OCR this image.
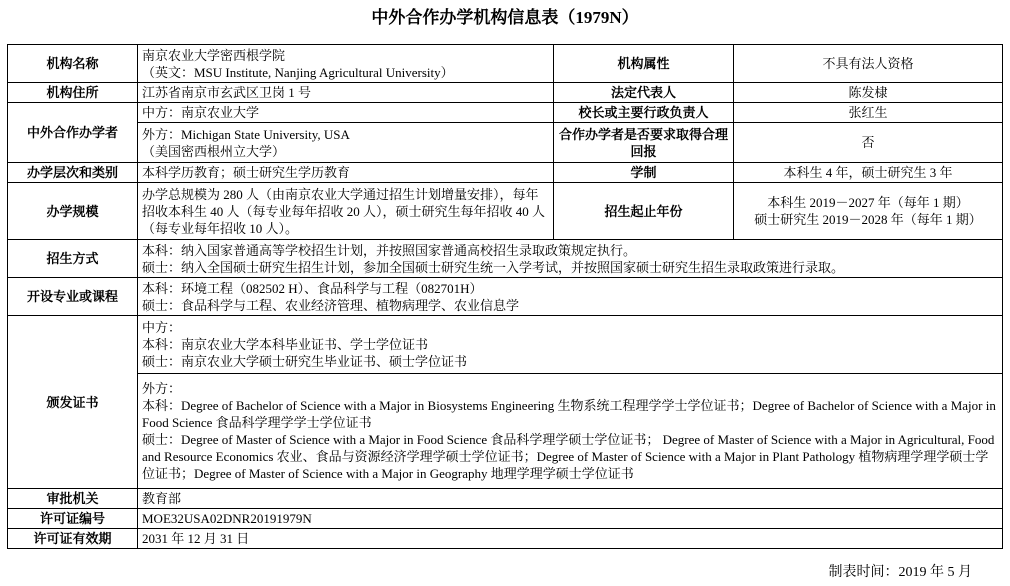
中外合作办学机构信息表（1979N）
机构名称	南京农业大学密西根学院
（英文：MSU Institute, Nanjing Agricultural University）	机构属性	不具有法人资格
机构住所	江苏省南京市玄武区卫岗 1 号	法定代表人	陈发棣
中外合作办学者	中方：南京农业大学	校长或主要行政负责人	张红生

	外方：Michigan State University, USA
（美国密西根州立大学）	合作办学者是否要求取得合理回报	否
办学层次和类别	本科学历教育；硕士研究生学历教育	学制	本科生 4 年，硕士研究生 3 年
办学规模	办学总规模为 280 人（由南京农业大学通过招生计划增量安排），每年招收本科生 40 人（每专业每年招收 20 人），硕士研究生每年招收 40 人（每专业每年招收 10 人）。	招生起止年份	本科生 2019－2027 年（每年 1 期）
硕士研究生 2019－2028 年（每年 1 期）

招生方式	本科：纳入国家普通高等学校招生计划，并按照国家普通高校招生录取政策规定执行。
硕士：纳入全国硕士研究生招生计划，参加全国硕士研究生统一入学考试，并按照国家硕士研究生招生录取政策进行录取。		

开设专业或课程	本科：环境工程（082502 H）、食品科学与工程（082701H）
硕士：食品科学与工程、农业经济管理、植物病理学、农业信息学		

颁发证书	中方：
本科：南京农业大学本科毕业证书、学士学位证书
硕士：南京农业大学硕士研究生毕业证书、硕士学位证书		

	外方：
本科：Degree of Bachelor of Science with a Major in Biosystems Engineering 生物系统工程理学学士学位证书；Degree of Bachelor of Science with a Major in Food Science 食品科学理学学士学位证书
硕士：Degree of Master of Science with a Major in Food Science 食品科学理学硕士学位证书； Degree of Master of Science with a Major in Agricultural, Food and Resource Economics 农业、食品与资源经济学理学硕士学位证书；Degree of Master of Science with a Major in Plant Pathology 植物病理学理学硕士学位证书；Degree of Master of Science with a Major in Geography 地理学理学硕士学位证书		

审批机关	教育部		
许可证编号	MOE32USA02DNR20191979N		
许可证有效期	2031 年 12 月 31 日		
制表时间：2019 年 5 月
